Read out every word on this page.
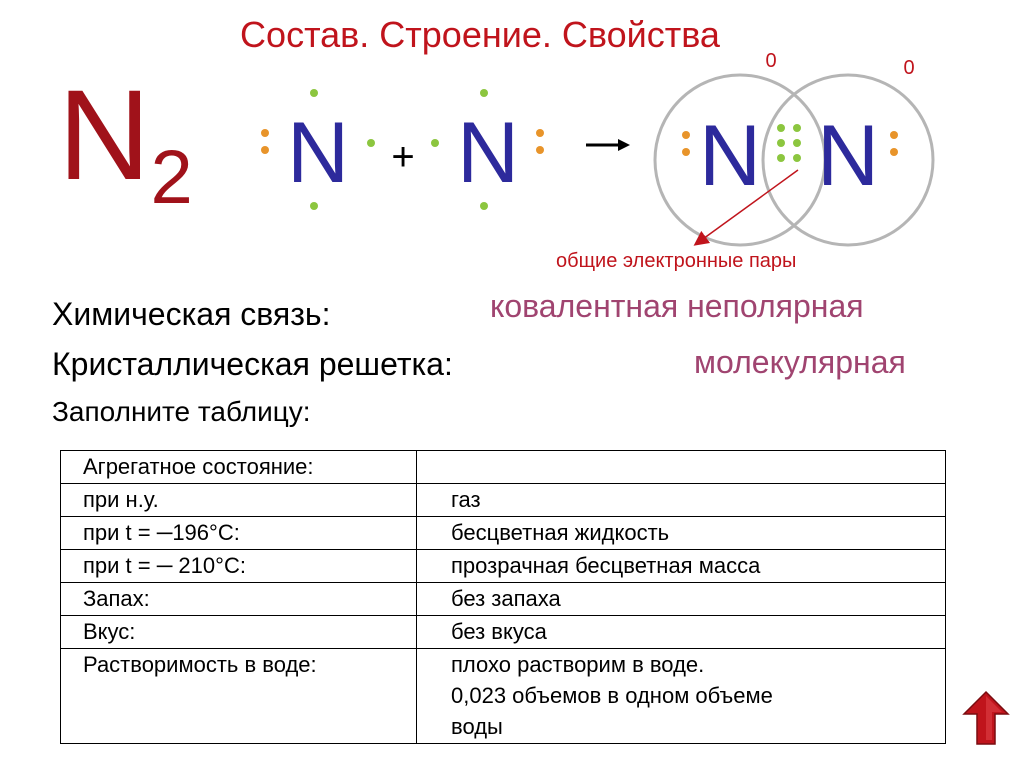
Состав. Строение. Свойства
N2 N + N N N
0	0
общие электронные пары
Химическая связь:	ковалентная неполярная
Кристаллическая решетка:	молекулярная
Заполните таблицу:
Агрегатное состояние:	
при н.у.	газ
при t = ─196°C:	бесцветная жидкость
при t = ─ 210°C:	прозрачная бесцветная масса
Запах:	без запаха
Вкус:	без вкуса
Растворимость в воде:	плохо растворим в воде.
0,023 объемов в одном объеме
воды
